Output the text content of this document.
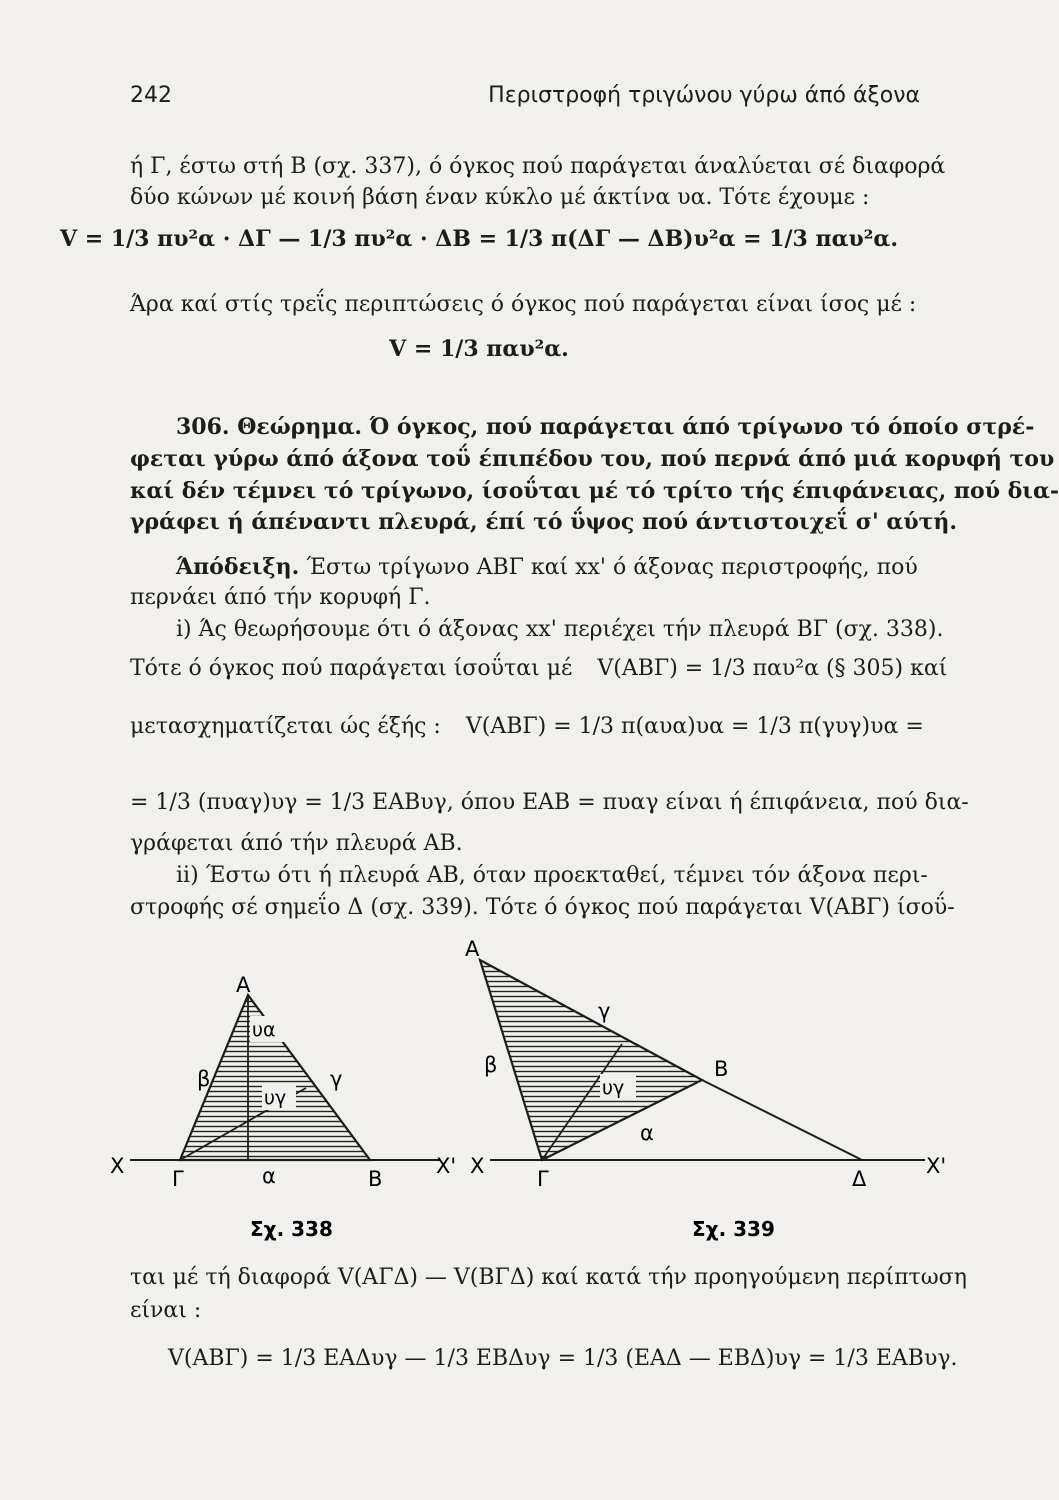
242	Περιστροφή τριγώνου γύρω άπό άξονα
ή Γ, έστω στή B (σχ. 337), ό όγκος πού παράγεται άναλύεται σέ διαφορά
δύο κώνων μέ κοινή βάση έναν κύκλο μέ άκτίνα υα. Τότε έχουμε :
V = 1/3 πυ²α · ΔΓ — 1/3 πυ²α · ΔB = 1/3 π(ΔΓ — ΔB)υ²α = 1/3 παυ²α.
Άρα καί στίς τρεΐς περιπτώσεις ό όγκος πού παράγεται είναι ίσος μέ :
V = 1/3 παυ²α.
306. Θεώρημα. Ό όγκος, πού παράγεται άπό τρίγωνο τό όποίο στρέ-
φεται γύρω άπό άξονα τοΰ έπιπέδου του, πού περνά άπό μιά κορυφή του
καί δέν τέμνει τό τρίγωνο, ίσοΰται μέ τό τρίτο τής έπιφάνειας, πού δια-
γράφει ή άπέναντι πλευρά, έπί τό ΰψος πού άντιστοιχεΐ σ' αύτή.
Άπόδειξη. Έστω τρίγωνο ΑΒΓ καί xx' ό άξονας περιστροφής, πού
περνάει άπό τήν κορυφή Γ.
i) Άς θεωρήσουμε ότι ό άξονας xx' περιέχει τήν πλευρά ΒΓ (σχ. 338).
Τότε ό όγκος πού παράγεται ίσοΰται μέ V(ΑΒΓ) = 1/3 παυ²α (§ 305) καί
μετασχηματίζεται ώς έξής : V(ΑΒΓ) = 1/3 π(αυα)υα = 1/3 π(γυγ)υα =
= 1/3 (πυαγ)υγ = 1/3 EABυγ, όπου EAB = πυαγ είναι ή έπιφάνεια, πού δια-
γράφεται άπό τήν πλευρά AB.
ii) Έστω ότι ή πλευρά AB, όταν προεκταθεί, τέμνει τόν άξονα περι-
στροφής σέ σημεΐο Δ (σχ. 339). Τότε ό όγκος πού παράγεται V(ABΓ) ίσοΰ-
A
β	γ
υα
υγ
X	X'
Γ	α	B
Σχ. 338
A
γ
β	B
υγ
α
X	X'
Γ	Δ
Σχ. 339
ται μέ τή διαφορά V(ΑΓΔ) — V(ΒΓΔ) καί κατά τήν προηγούμενη περίπτωση
είναι :
V(ΑΒΓ) = 1/3 EAΔυγ — 1/3 EBΔυγ = 1/3 (EAΔ — EBΔ)υγ = 1/3 EABυγ.
